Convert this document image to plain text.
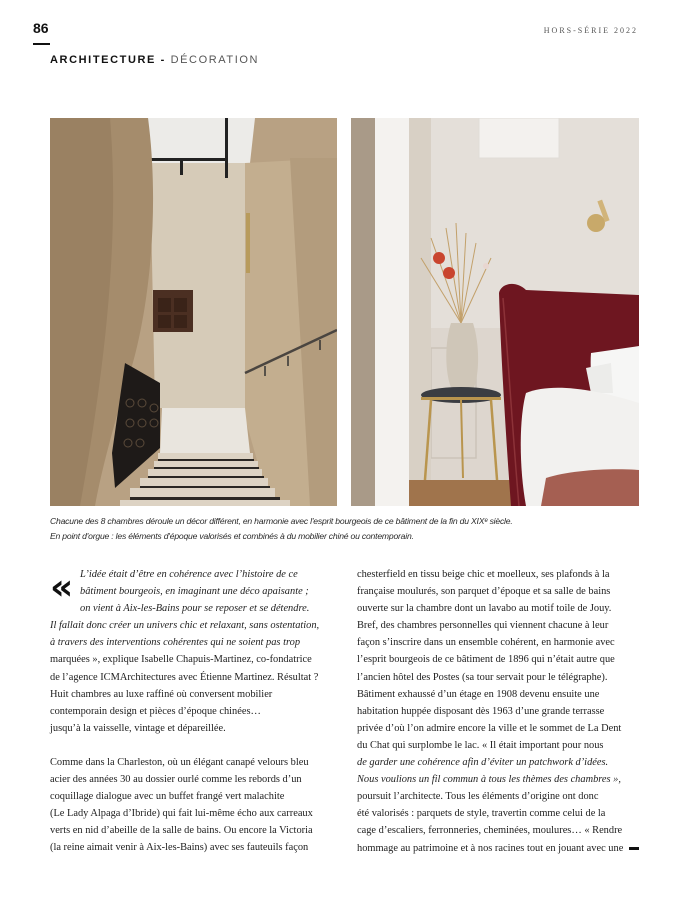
86	HORS-SÉRIE 2022
ARCHITECTURE - DÉCORATION
Chacune des 8 chambres déroule un décor différent, en harmonie avec l'esprit bourgeois de ce bâtiment de la fin du XIXᵉ siècle.
En point d'orgue : les éléments d'époque valorisés et combinés à du mobilier chiné ou contemporain.
« L’idée était d’être en cohérence avec l’histoire de ce
bâtiment bourgeois, en imaginant une déco apaisante ;
on vient à Aix-les-Bains pour se reposer et se détendre.
Il fallait donc créer un univers chic et relaxant, sans ostentation,
à travers des interventions cohérentes qui ne soient pas trop
marquées », explique Isabelle Chapuis-Martinez, co-fondatrice
de l’agence ICMArchitectures avec Étienne Martinez. Résultat ?
Huit chambres au luxe raffiné où conversent mobilier
contemporain design et pièces d’époque chinées…
jusqu’à la vaisselle, vintage et dépareillée.

Comme dans la Charleston, où un élégant canapé velours bleu
acier des années 30 au dossier ourlé comme les rebords d’un
coquillage dialogue avec un buffet frangé vert malachite
(Le Lady Alpaga d’Ibride) qui fait lui-même écho aux carreaux
verts en nid d’abeille de la salle de bains. Ou encore la Victoria
(la reine aimait venir à Aix-les-Bains) avec ses fauteuils façon

chesterfield en tissu beige chic et moelleux, ses plafonds à la
française moulurés, son parquet d’époque et sa salle de bains
ouverte sur la chambre dont un lavabo au motif toile de Jouy.
Bref, des chambres personnelles qui viennent chacune à leur
façon s’inscrire dans un ensemble cohérent, en harmonie avec
l’esprit bourgeois de ce bâtiment de 1896 qui n’était autre que
l’ancien hôtel des Postes (sa tour servait pour le télégraphe).
Bâtiment exhaussé d’un étage en 1908 devenu ensuite une
habitation huppée disposant dès 1963 d’une grande terrasse
privée d’où l’on admire encore la ville et le sommet de La Dent
du Chat qui surplombe le lac. « Il était important pour nous
de garder une cohérence afin d’éviter un patchwork d’idées.
Nous voulions un fil commun à tous les thèmes des chambres »,
poursuit l’architecte. Tous les éléments d’origine ont donc
été valorisés : parquets de style, travertin comme celui de la
cage d’escaliers, ferronneries, cheminées, moulures… « Rendre
hommage au patrimoine et à nos racines tout en jouant avec une
